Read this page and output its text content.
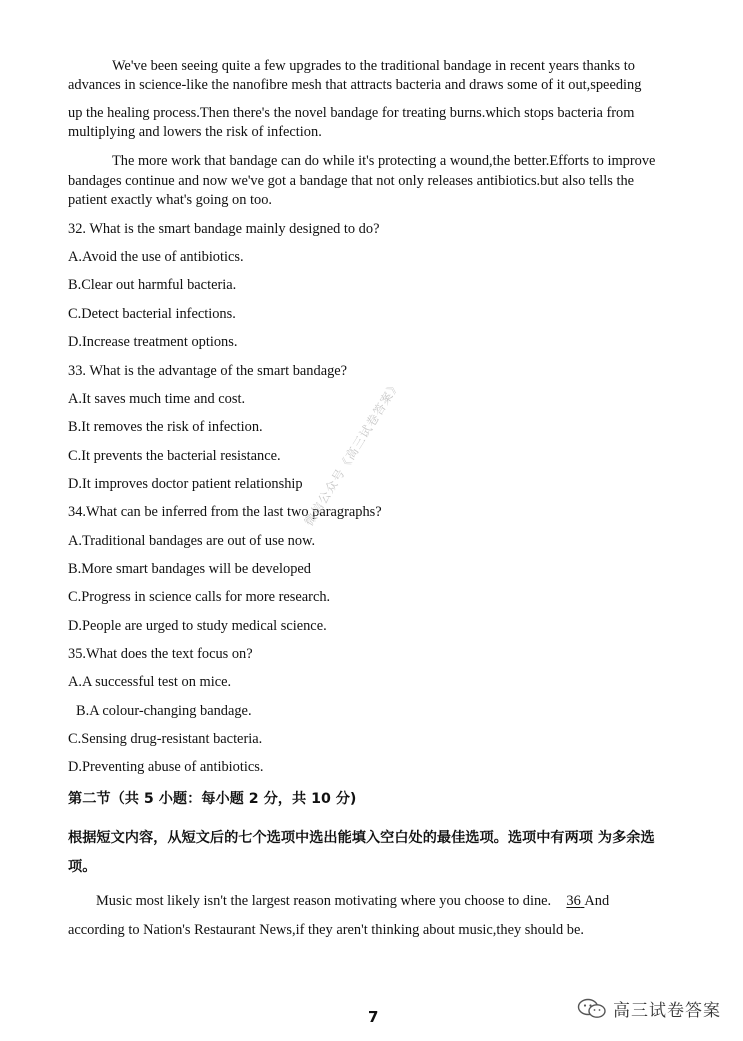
We've been seeing quite a few upgrades to the traditional bandage in recent years thanks to
advances in science-like the nanofibre mesh that attracts bacteria and draws some of it out,speeding
up the healing process.Then there's the novel bandage for treating burns.which stops bacteria from
multiplying and lowers the risk of infection.
The more work that bandage can do while it's protecting a wound,the better.Efforts to improve
bandages continue and now we've got a bandage that not only releases antibiotics.but also tells the
patient exactly what's going on too.
32. What is the smart bandage mainly designed to do?
A.Avoid the use of antibiotics.
B.Clear out harmful bacteria.
C.Detect bacterial infections.
D.Increase treatment options.
33. What is the advantage of the smart bandage?
A.It saves much time and cost.
B.It removes the risk of infection.
C.It prevents the bacterial resistance.
D.It improves doctor patient relationship
34.What can be inferred from the last two paragraphs?
A.Traditional bandages are out of use now.
B.More smart bandages will be developed
C.Progress in science calls for more research.
D.People are urged to study medical science.
35.What does the text focus on?
A.A successful test on mice.
B.A colour-changing bandage.
C.Sensing drug-resistant bacteria.
D.Preventing abuse of antibiotics.
第二节（共 5 小题：每小题 2 分，共 10 分)
根据短文内容，从短文后的七个选项中选出能填入空白处的最佳选项。选项中有两项 为多余选
项。
Music most likely isn't the largest reason motivating where you choose to dine. 36 And
according to Nation's Restaurant News,if they aren't thinking about music,they should be.
微信公众号《高三试卷答案》
7	高三试卷答案
